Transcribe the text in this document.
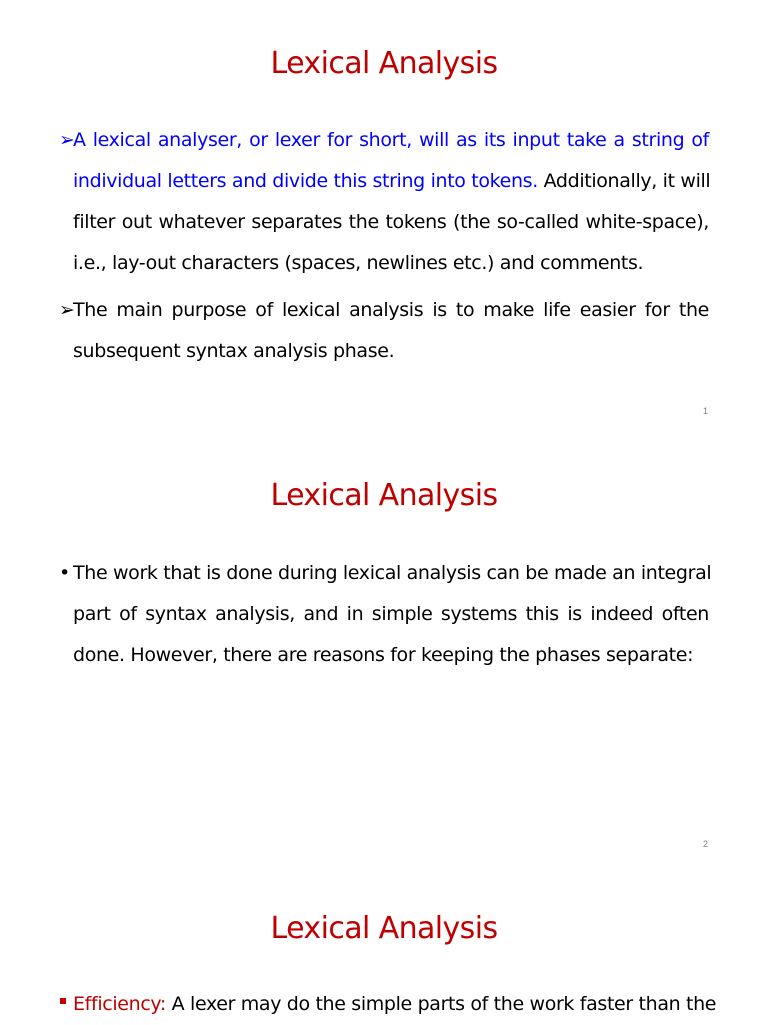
Lexical Analysis
➢A lexical analyser, or lexer for short, will as its input take a string of
individual letters and divide this string into tokens. Additionally, it will
filter out whatever separates the tokens (the so-called white-space),
i.e., lay-out characters (spaces, newlines etc.) and comments.
➢The main purpose of lexical analysis is to make life easier for the
subsequent syntax analysis phase.
1
Lexical Analysis
2
• The work that is done during lexical analysis can be made an integral
part of syntax analysis, and in simple systems this is indeed often
done. However, there are reasons for keeping the phases separate:
Lexical Analysis
Efficiency: A lexer may do the simple parts of the work faster than the
